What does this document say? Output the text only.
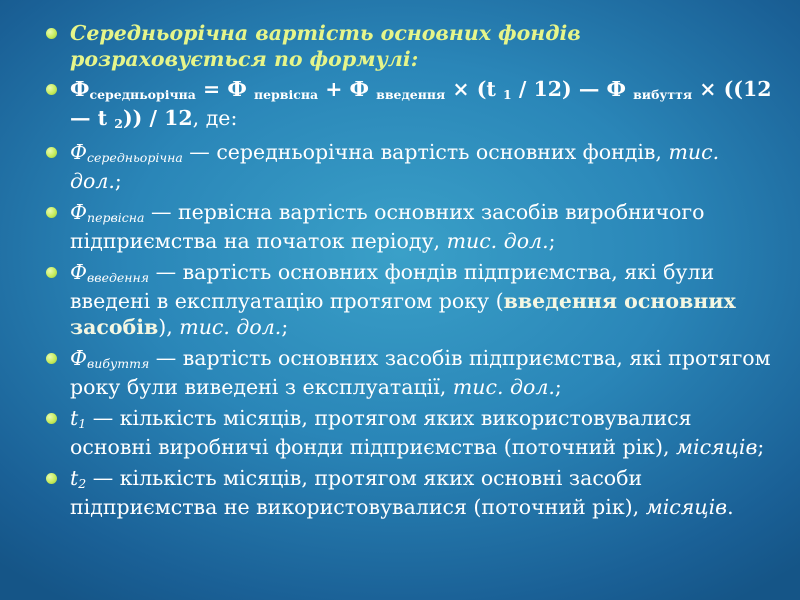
Середньорічна вартість основних фондів
розраховується по формулі:
Фсередньорічна = Ф первісна + Ф введення × (t 1 / 12) — Ф вибуття × ((12 — t 2)) / 12, де:
Фсередньорічна — середньорічна вартість основних фондів, тис. дол.;
Фпервісна — первісна вартість основних засобів виробничого підприємства на початок періоду, тис. дол.;
Фвведення — вартість основних фондів підприємства, які були введені в експлуатацію протягом року (введення основних засобів), тис. дол.;
Фвибуття — вартість основних засобів підприємства, які протягом року були виведені з експлуатації, тис. дол.;
t1 — кількість місяців, протягом яких використовувалися основні виробничі фонди підприємства (поточний рік), місяців;
t2 — кількість місяців, протягом яких основні засоби підприємства не використовувалися (поточний рік), місяців.
